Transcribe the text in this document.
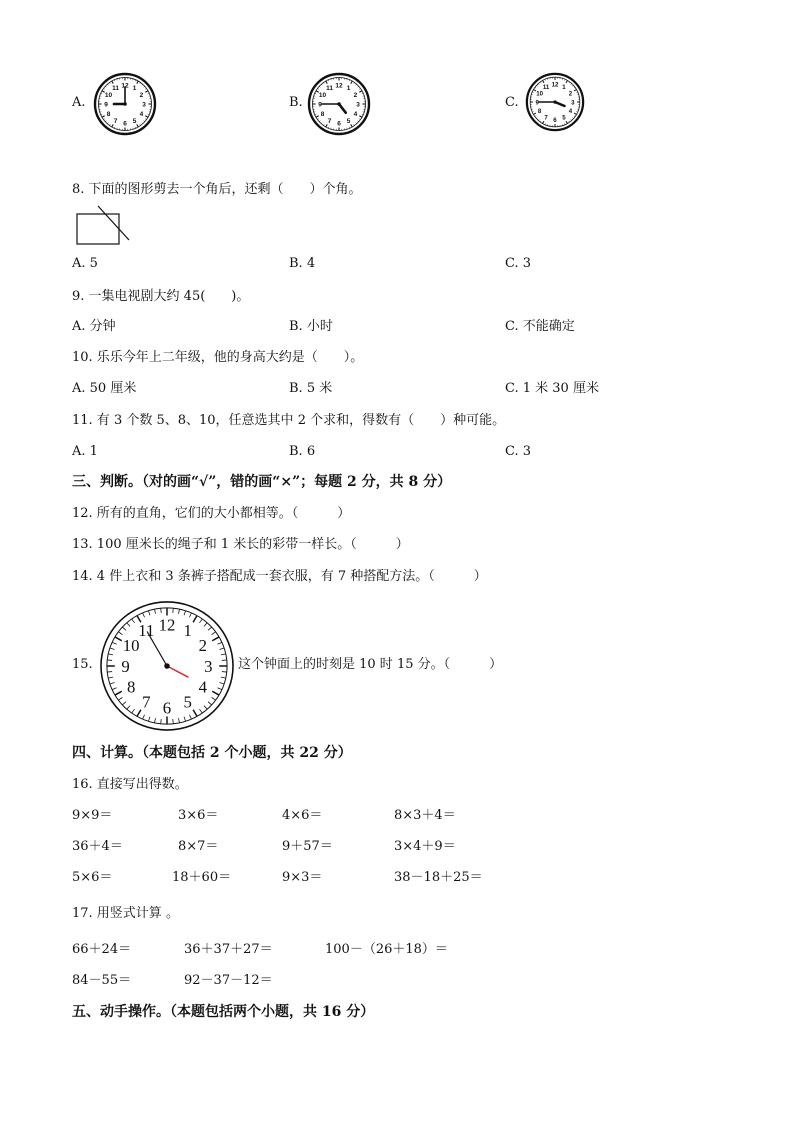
A.
1
2
3
4
5
6
7
8
9
10
11 12
B.
1
2
3
4
5
6
7
8
9
10
11 12
C.
1
2
3
4
5
6
7
8
9
10
11 12
8. 下面的图形剪去一个角后，还剩（　　）个角。
A. 5	B. 4	C. 3
9. 一集电视剧大约 45(　　)。
A. 分钟	B. 小时	C. 不能确定
10. 乐乐今年上二年级，他的身高大约是（　　）。
A. 50 厘米	B. 5 米	C. 1 米 30 厘米
11. 有 3 个数 5、8、10，任意选其中 2 个求和，得数有（　　）种可能。
A. 1	B. 6	C. 3
三、判断。（对的画“√”，错的画“×”；每题 2 分，共 8 分）
12. 所有的直角，它们的大小都相等。（　　　）
13. 100 厘米长的绳子和 1 米长的彩带一样长。（　　　）
14. 4 件上衣和 3 条裤子搭配成一套衣服，有 7 种搭配方法。（　　　）
15.
12 1
2
3
4
5
6
7
8
9
10
11
这个钟面上的时刻是 10 时 15 分。（　　　）
四、计算。（本题包括 2 个小题，共 22 分）
16. 直接写出得数。
9×9＝	3×6＝	4×6＝	8×3＋4＝
36＋4＝	8×7＝	9＋57＝	3×4＋9＝
5×6＝	18＋60＝	9×3＝	38－18＋25＝
17. 用竖式计算 。
66＋24＝	36＋37＋27＝	100－（26＋18）＝
84－55＝	92－37－12＝
五、动手操作。（本题包括两个小题，共 16 分）
